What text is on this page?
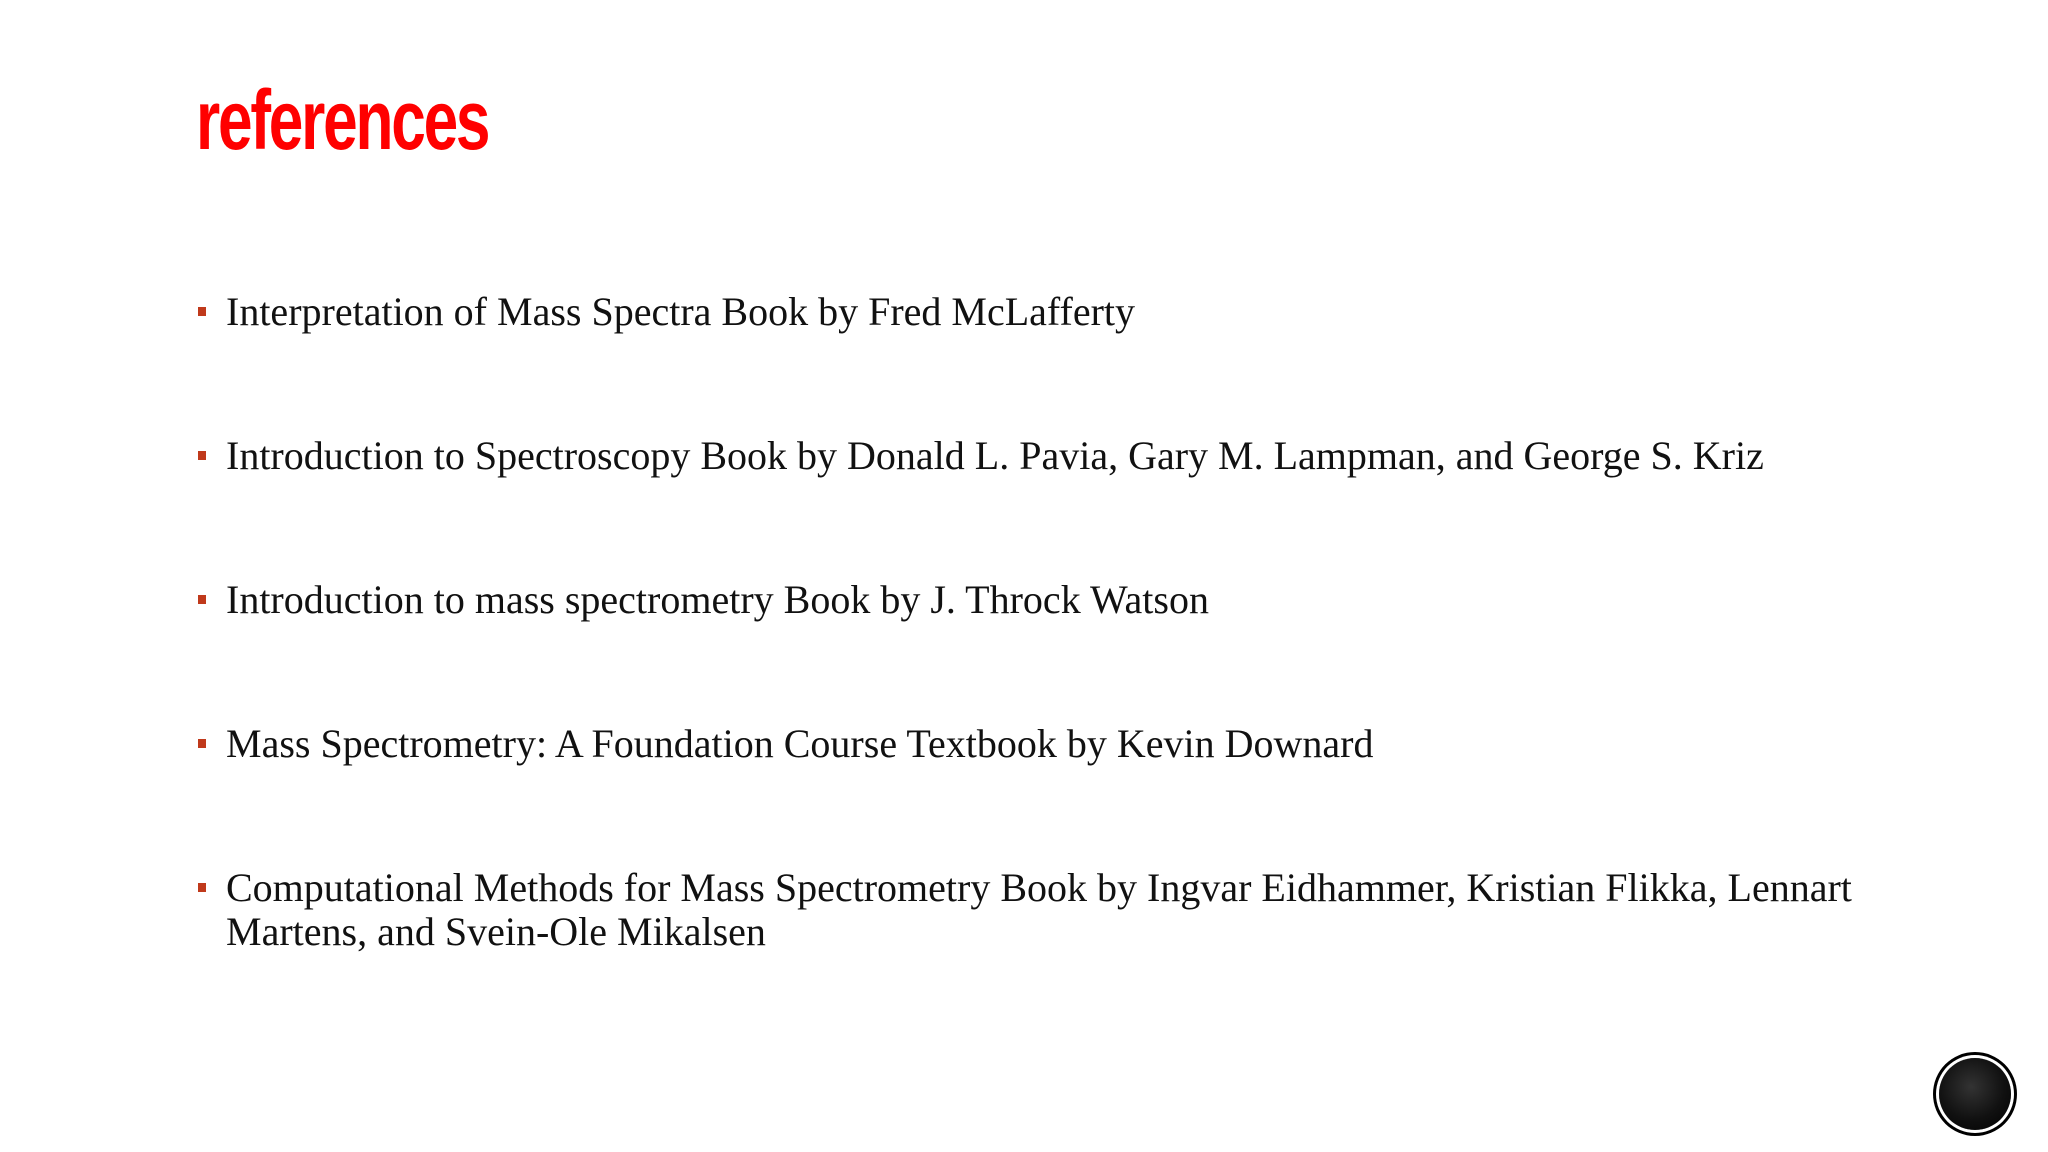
references
Interpretation of Mass Spectra Book by Fred McLafferty
Introduction to Spectroscopy Book by Donald L. Pavia, Gary M. Lampman, and George S. Kriz
Introduction to mass spectrometry Book by J. Throck Watson
Mass Spectrometry: A Foundation Course Textbook by Kevin Downard
Computational Methods for Mass Spectrometry Book by Ingvar Eidhammer, Kristian Flikka, Lennart Martens, and Svein-Ole Mikalsen
